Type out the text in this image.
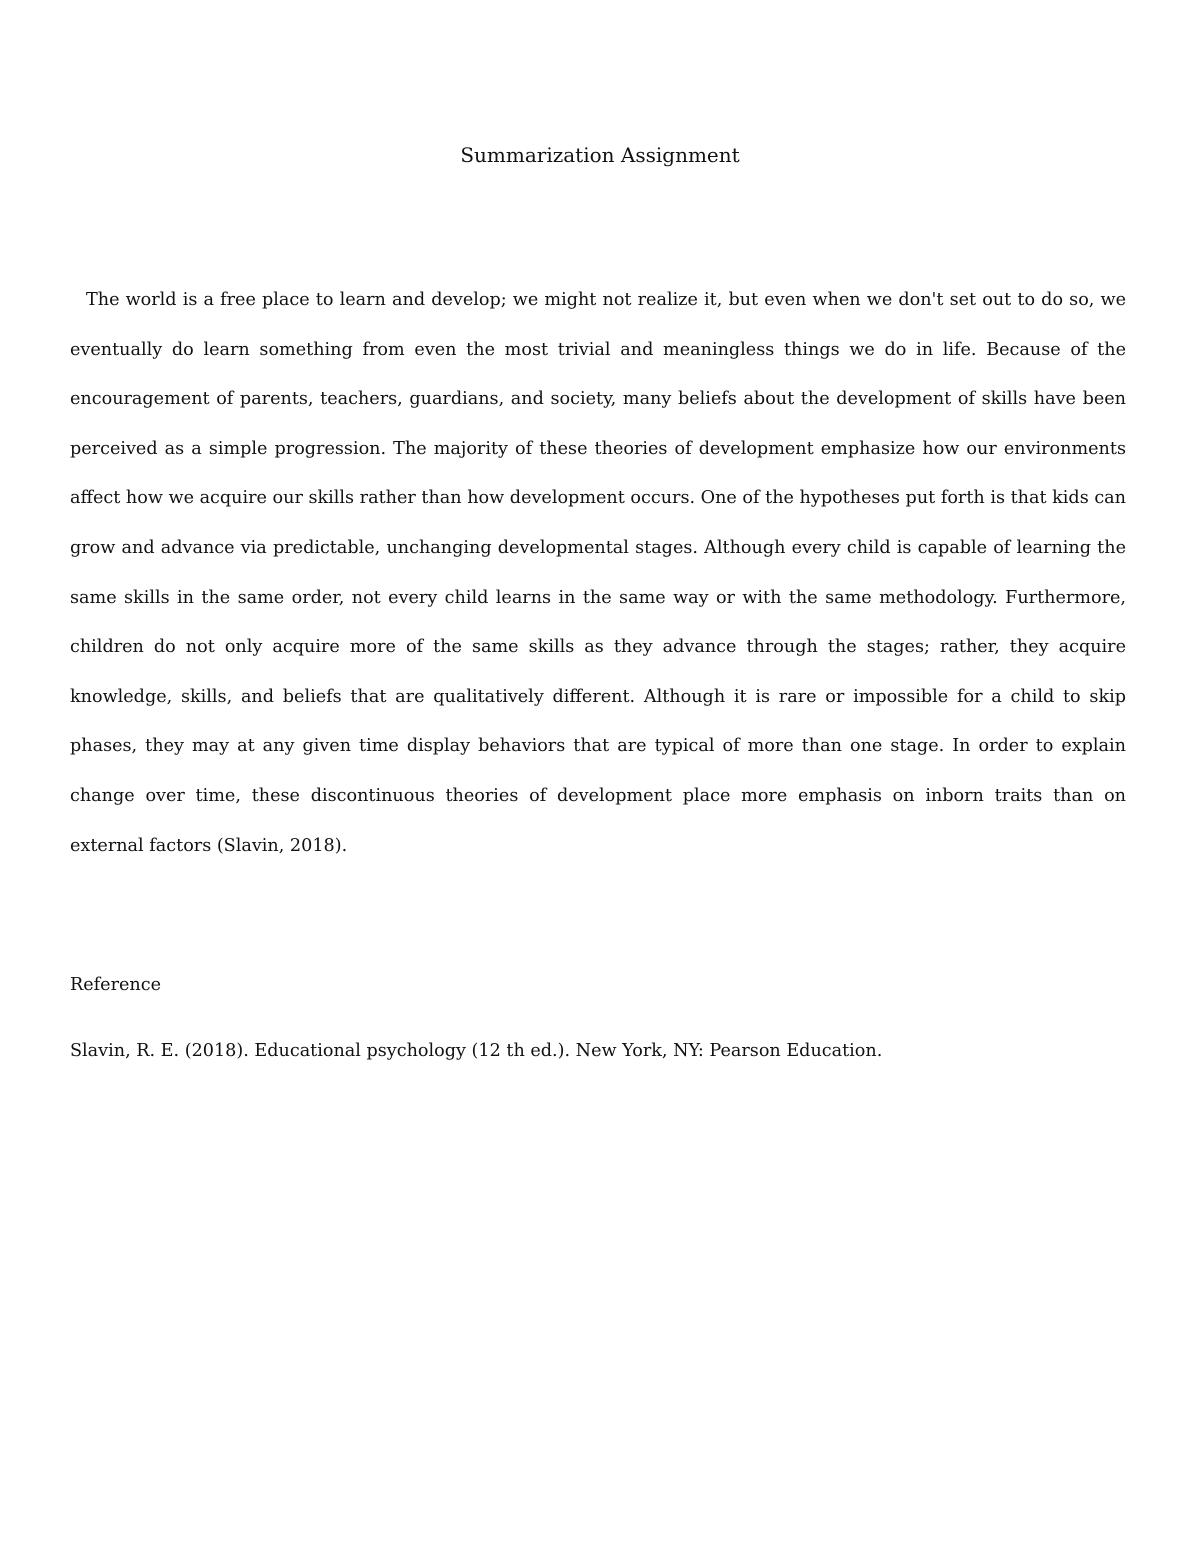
Summarization Assignment

The world is a free place to learn and develop; we might not realize it, but even when we don't set out to do so, we eventually do learn something from even the most trivial and meaningless things we do in life. Because of the encouragement of parents, teachers, guardians, and society, many beliefs about the development of skills have been perceived as a simple progression. The majority of these theories of development emphasize how our environments affect how we acquire our skills rather than how development occurs. One of the hypotheses put forth is that kids can grow and advance via predictable, unchanging developmental stages. Although every child is capable of learning the same skills in the same order, not every child learns in the same way or with the same methodology. Furthermore, children do not only acquire more of the same skills as they advance through the stages; rather, they acquire knowledge, skills, and beliefs that are qualitatively different. Although it is rare or impossible for a child to skip phases, they may at any given time display behaviors that are typical of more than one stage. In order to explain change over time, these discontinuous theories of development place more emphasis on inborn traits than on external factors (Slavin, 2018).

Reference
Slavin, R. E. (2018). Educational psychology (12 th ed.). New York, NY: Pearson Education.
